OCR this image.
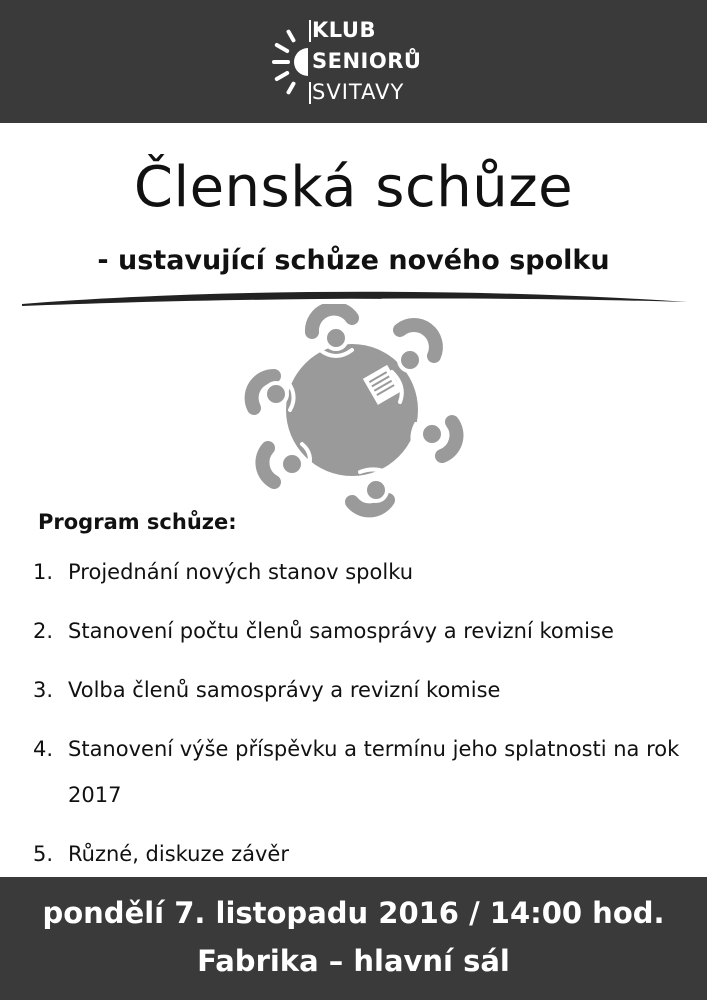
KLUB
SENIORŮ
SVITAVY
Členská schůze
- ustavující schůze nového spolku
Program schůze:
1. Projednání nových stanov spolku
2. Stanovení počtu členů samosprávy a revizní komise
3. Volba členů samosprávy a revizní komise
4. Stanovení výše příspěvku a termínu jeho splatnosti na rok 2017
5. Různé, diskuze závěr
pondělí 7. listopadu 2016 / 14:00 hod.
Fabrika – hlavní sál
